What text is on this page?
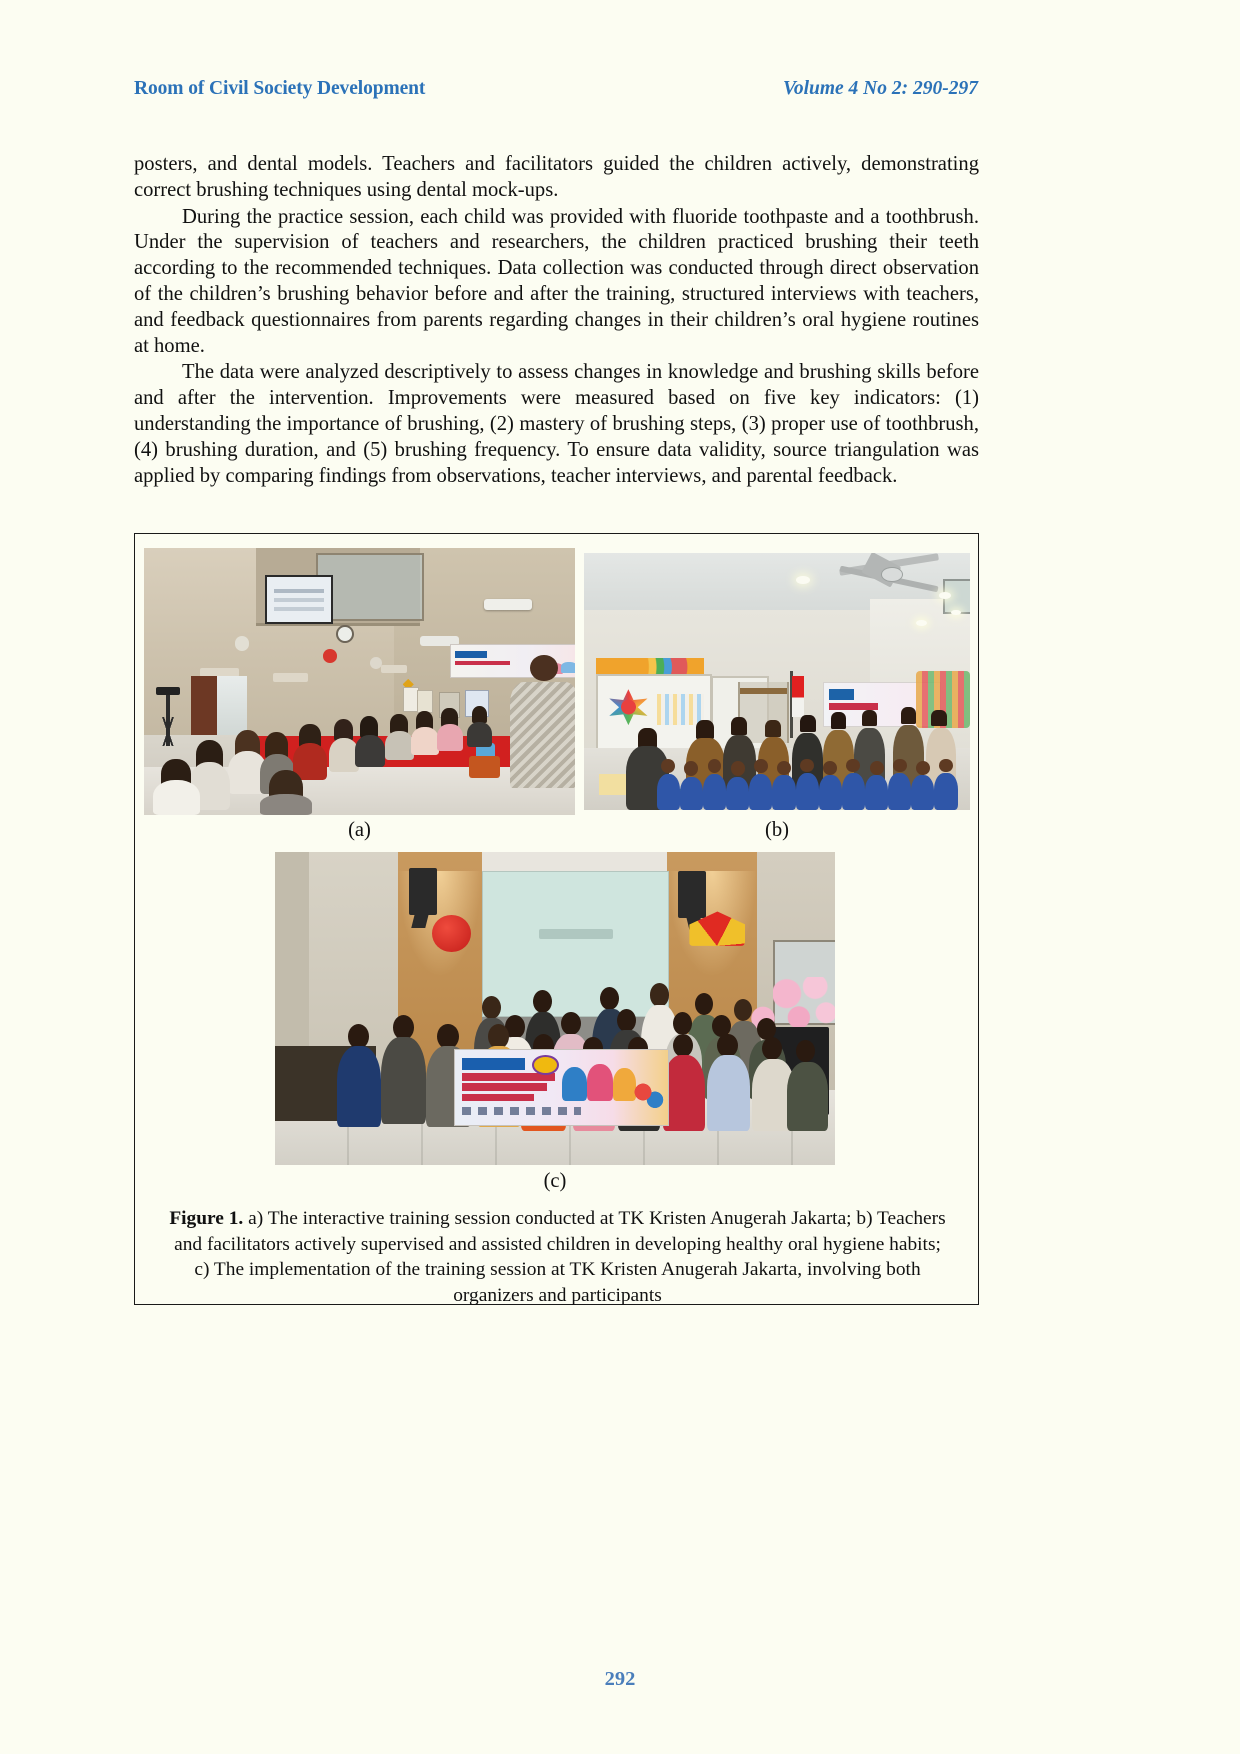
Room of Civil Society Development	Volume 4 No 2: 290-297

posters, and dental models. Teachers and facilitators guided the children actively, demonstrating correct brushing techniques using dental mock-ups.

During the practice session, each child was provided with fluoride toothpaste and a toothbrush. Under the supervision of teachers and researchers, the children practiced brushing their teeth according to the recommended techniques. Data collection was conducted through direct observation of the children’s brushing behavior before and after the training, structured interviews with teachers, and feedback questionnaires from parents regarding changes in their children’s oral hygiene routines at home.

The data were analyzed descriptively to assess changes in knowledge and brushing skills before and after the intervention. Improvements were measured based on five key indicators: (1) understanding the importance of brushing, (2) mastery of brushing steps, (3) proper use of toothbrush, (4) brushing duration, and (5) brushing frequency. To ensure data validity, source triangulation was applied by comparing findings from observations, teacher interviews, and parental feedback.

(a)	(b)
(c)
Figure 1. a) The interactive training session conducted at TK Kristen Anugerah Jakarta; b) Teachers and facilitators actively supervised and assisted children in developing healthy oral hygiene habits; c) The implementation of the training session at TK Kristen Anugerah Jakarta, involving both organizers and participants
292
